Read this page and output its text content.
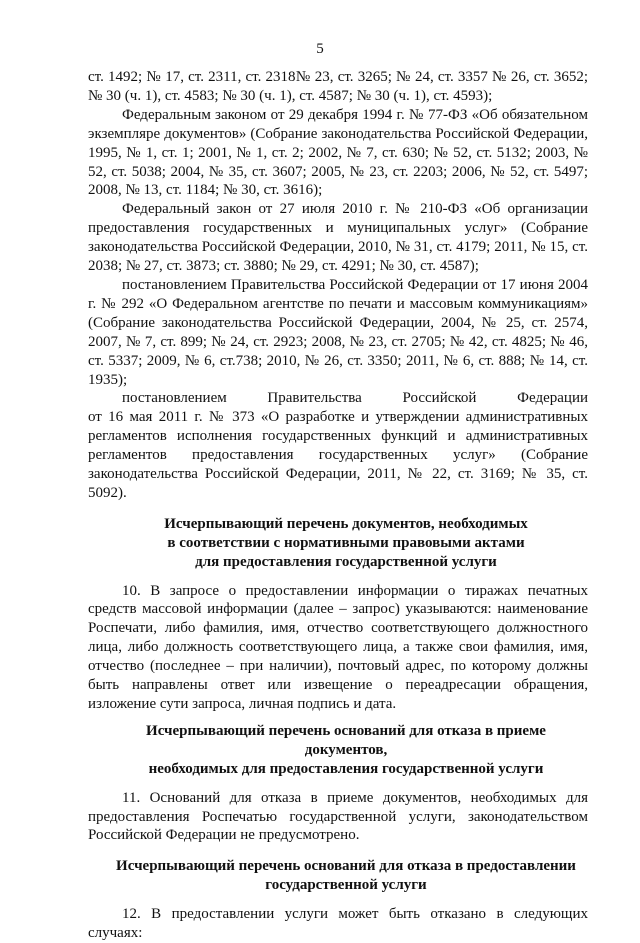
5

ст. 1492; № 17, ст. 2311, ст. 2318№ 23, ст. 3265; № 24, ст. 3357 № 26, ст. 3652; № 30 (ч. 1), ст. 4583; № 30 (ч. 1), ст. 4587; № 30 (ч. 1), ст. 4593);

Федеральным законом от 29 декабря 1994 г. № 77-ФЗ «Об обязательном экземпляре документов» (Собрание законодательства Российской Федерации, 1995, № 1, ст. 1; 2001, № 1, ст. 2; 2002, № 7, ст. 630; № 52, ст. 5132; 2003, № 52, ст. 5038; 2004, № 35, ст. 3607; 2005, № 23, ст. 2203; 2006, № 52, ст. 5497; 2008, № 13, ст. 1184; № 30, ст. 3616);

Федеральный закон от 27 июля 2010 г. № 210-ФЗ «Об организации предоставления государственных и муниципальных услуг» (Собрание законодательства Российской Федерации, 2010, № 31, ст. 4179; 2011, № 15, ст. 2038; № 27, ст. 3873; ст. 3880; № 29, ст. 4291; № 30, ст. 4587);

постановлением Правительства Российской Федерации от 17 июня 2004 г. № 292 «О Федеральном агентстве по печати и массовым коммуникациям» (Собрание законодательства Российской Федерации, 2004, № 25, ст. 2574, 2007, № 7, ст. 899; № 24, ст. 2923; 2008, № 23, ст. 2705; № 42, ст. 4825; № 46, ст. 5337; 2009, № 6, ст.738; 2010, № 26, ст. 3350; 2011, № 6, ст. 888; № 14, ст. 1935);

постановлением Правительства Российской Федерации

от 16 мая 2011 г. № 373 «О разработке и утверждении административных регламентов исполнения государственных функций и административных регламентов предоставления государственных услуг» (Собрание законодательства Российской Федерации, 2011, № 22, ст. 3169; № 35, ст. 5092).

Исчерпывающий перечень документов, необходимых
в соответствии с нормативными правовыми актами
для предоставления государственной услуги

10. В запросе о предоставлении информации о тиражах печатных средств массовой информации (далее – запрос) указываются: наименование Роспечати, либо фамилия, имя, отчество соответствующего должностного лица, либо должность соответствующего лица, а также свои фамилия, имя, отчество (последнее – при наличии), почтовый адрес, по которому должны быть направлены ответ или извещение о переадресации обращения, изложение сути запроса, личная подпись и дата.

Исчерпывающий перечень оснований для отказа в приеме документов,
необходимых для предоставления государственной услуги

11. Оснований для отказа в приеме документов, необходимых для предоставления Роспечатью государственной услуги, законодательством Российской Федерации не предусмотрено.

Исчерпывающий перечень оснований для отказа в предоставлении
государственной услуги

12. В предоставлении услуги может быть отказано в следующих случаях:
